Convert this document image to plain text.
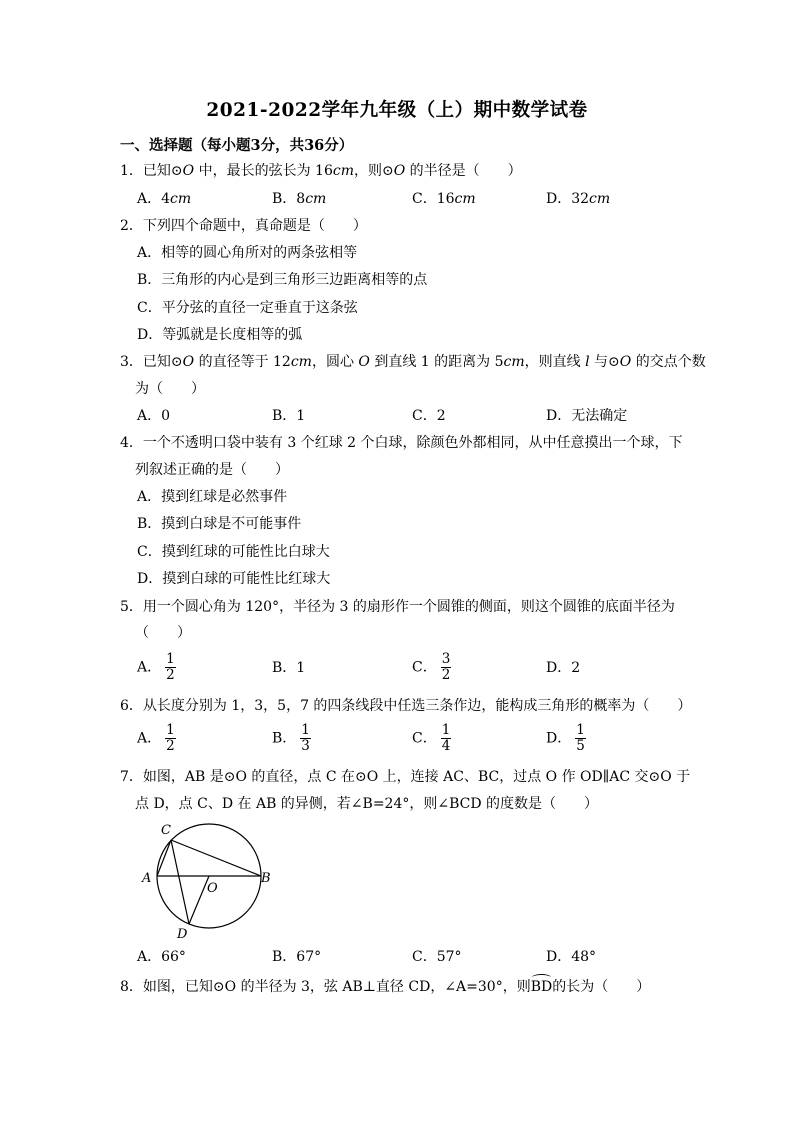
2021-2022学年九年级（上）期中数学试卷
一、选择题（每小题3分，共36分）
1．已知⊙O 中，最长的弦长为 16cm，则⊙O 的半径是（　　）
A．4cm	B．8cm	C．16cm	D．32cm
2．下列四个命题中，真命题是（　　）
A．相等的圆心角所对的两条弦相等
B．三角形的内心是到三角形三边距离相等的点
C．平分弦的直径一定垂直于这条弦
D．等弧就是长度相等的弧
3．已知⊙O 的直径等于 12cm，圆心 O 到直线 1 的距离为 5cm，则直线 l 与⊙O 的交点个数
为（　　）
A．0	B．1	C．2	D．无法确定
4．一个不透明口袋中装有 3 个红球 2 个白球，除颜色外都相同，从中任意摸出一个球，下
列叙述正确的是（　　）
A．摸到红球是必然事件
B．摸到白球是不可能事件
C．摸到红球的可能性比白球大
D．摸到白球的可能性比红球大
5．用一个圆心角为 120°，半径为 3 的扇形作一个圆锥的侧面，则这个圆锥的底面半径为
（　　）
A． $\frac{1}{2}$	B．1	C． $\frac{3}{2}$	D．2
6．从长度分别为 1，3，5，7 的四条线段中任选三条作边，能构成三角形的概率为（　　）
A． $\frac{1}{2}$	B． $\frac{1}{3}$	C． $\frac{1}{4}$	D． $\frac{1}{5}$
7．如图，AB 是⊙O 的直径，点 C 在⊙O 上，连接 AC、BC，过点 O 作 OD∥AC 交⊙O 于
点 D，点 C、D 在 AB 的异侧，若∠B=24°，则∠BCD 的度数是（　　）
C
A
O
B
D
A．66°	B．67°	C．57°	D．48°
8．如图，已知⊙O 的半径为 3，弦 AB⊥直径 CD，∠A=30°，则BD的长为（　　）
